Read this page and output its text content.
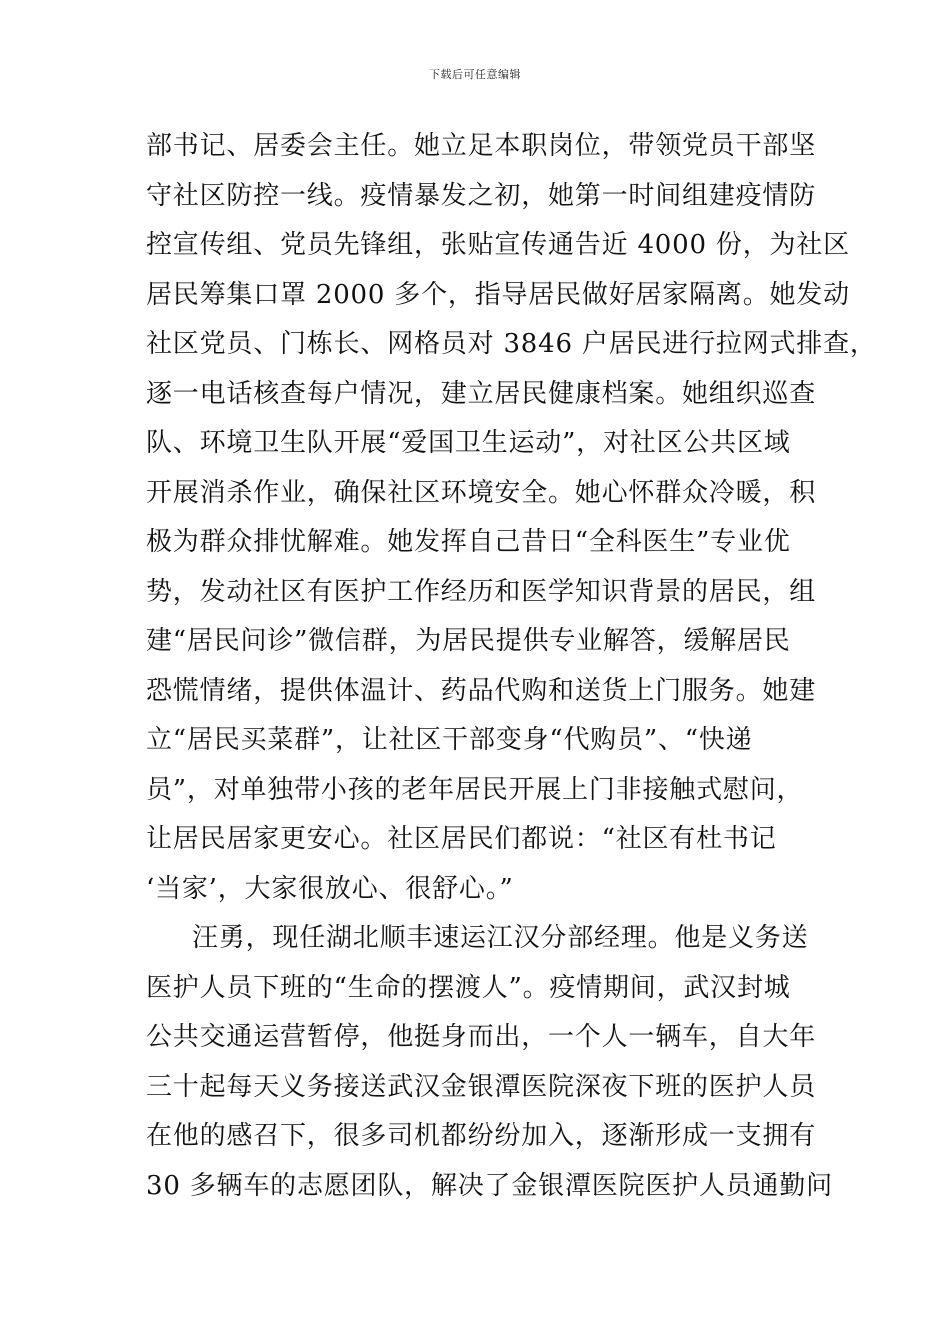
下载后可任意编辑
部书记、居委会主任。她立足本职岗位，带领党员干部坚
守社区防控一线。疫情暴发之初，她第一时间组建疫情防
控宣传组、党员先锋组，张贴宣传通告近 4000 份，为社区
居民筹集口罩 2000 多个，指导居民做好居家隔离。她发动
社区党员、门栋长、网格员对 3846 户居民进行拉网式排查，
逐一电话核查每户情况，建立居民健康档案。她组织巡查
队、环境卫生队开展“爱国卫生运动”，对社区公共区域
开展消杀作业，确保社区环境安全。她心怀群众冷暖，积
极为群众排忧解难。她发挥自己昔日“全科医生”专业优
势，发动社区有医护工作经历和医学知识背景的居民，组
建“居民问诊”微信群，为居民提供专业解答，缓解居民
恐慌情绪，提供体温计、药品代购和送货上门服务。她建
立“居民买菜群”，让社区干部变身“代购员”、“快递
员”，对单独带小孩的老年居民开展上门非接触式慰问，
让居民居家更安心。社区居民们都说：“社区有杜书记
‘当家’，大家很放心、很舒心。”
汪勇，现任湖北顺丰速运江汉分部经理。他是义务送
医护人员下班的“生命的摆渡人”。疫情期间，武汉封城
公共交通运营暂停，他挺身而出，一个人一辆车，自大年
三十起每天义务接送武汉金银潭医院深夜下班的医护人员
在他的感召下，很多司机都纷纷加入，逐渐形成一支拥有
30 多辆车的志愿团队，解决了金银潭医院医护人员通勤问
